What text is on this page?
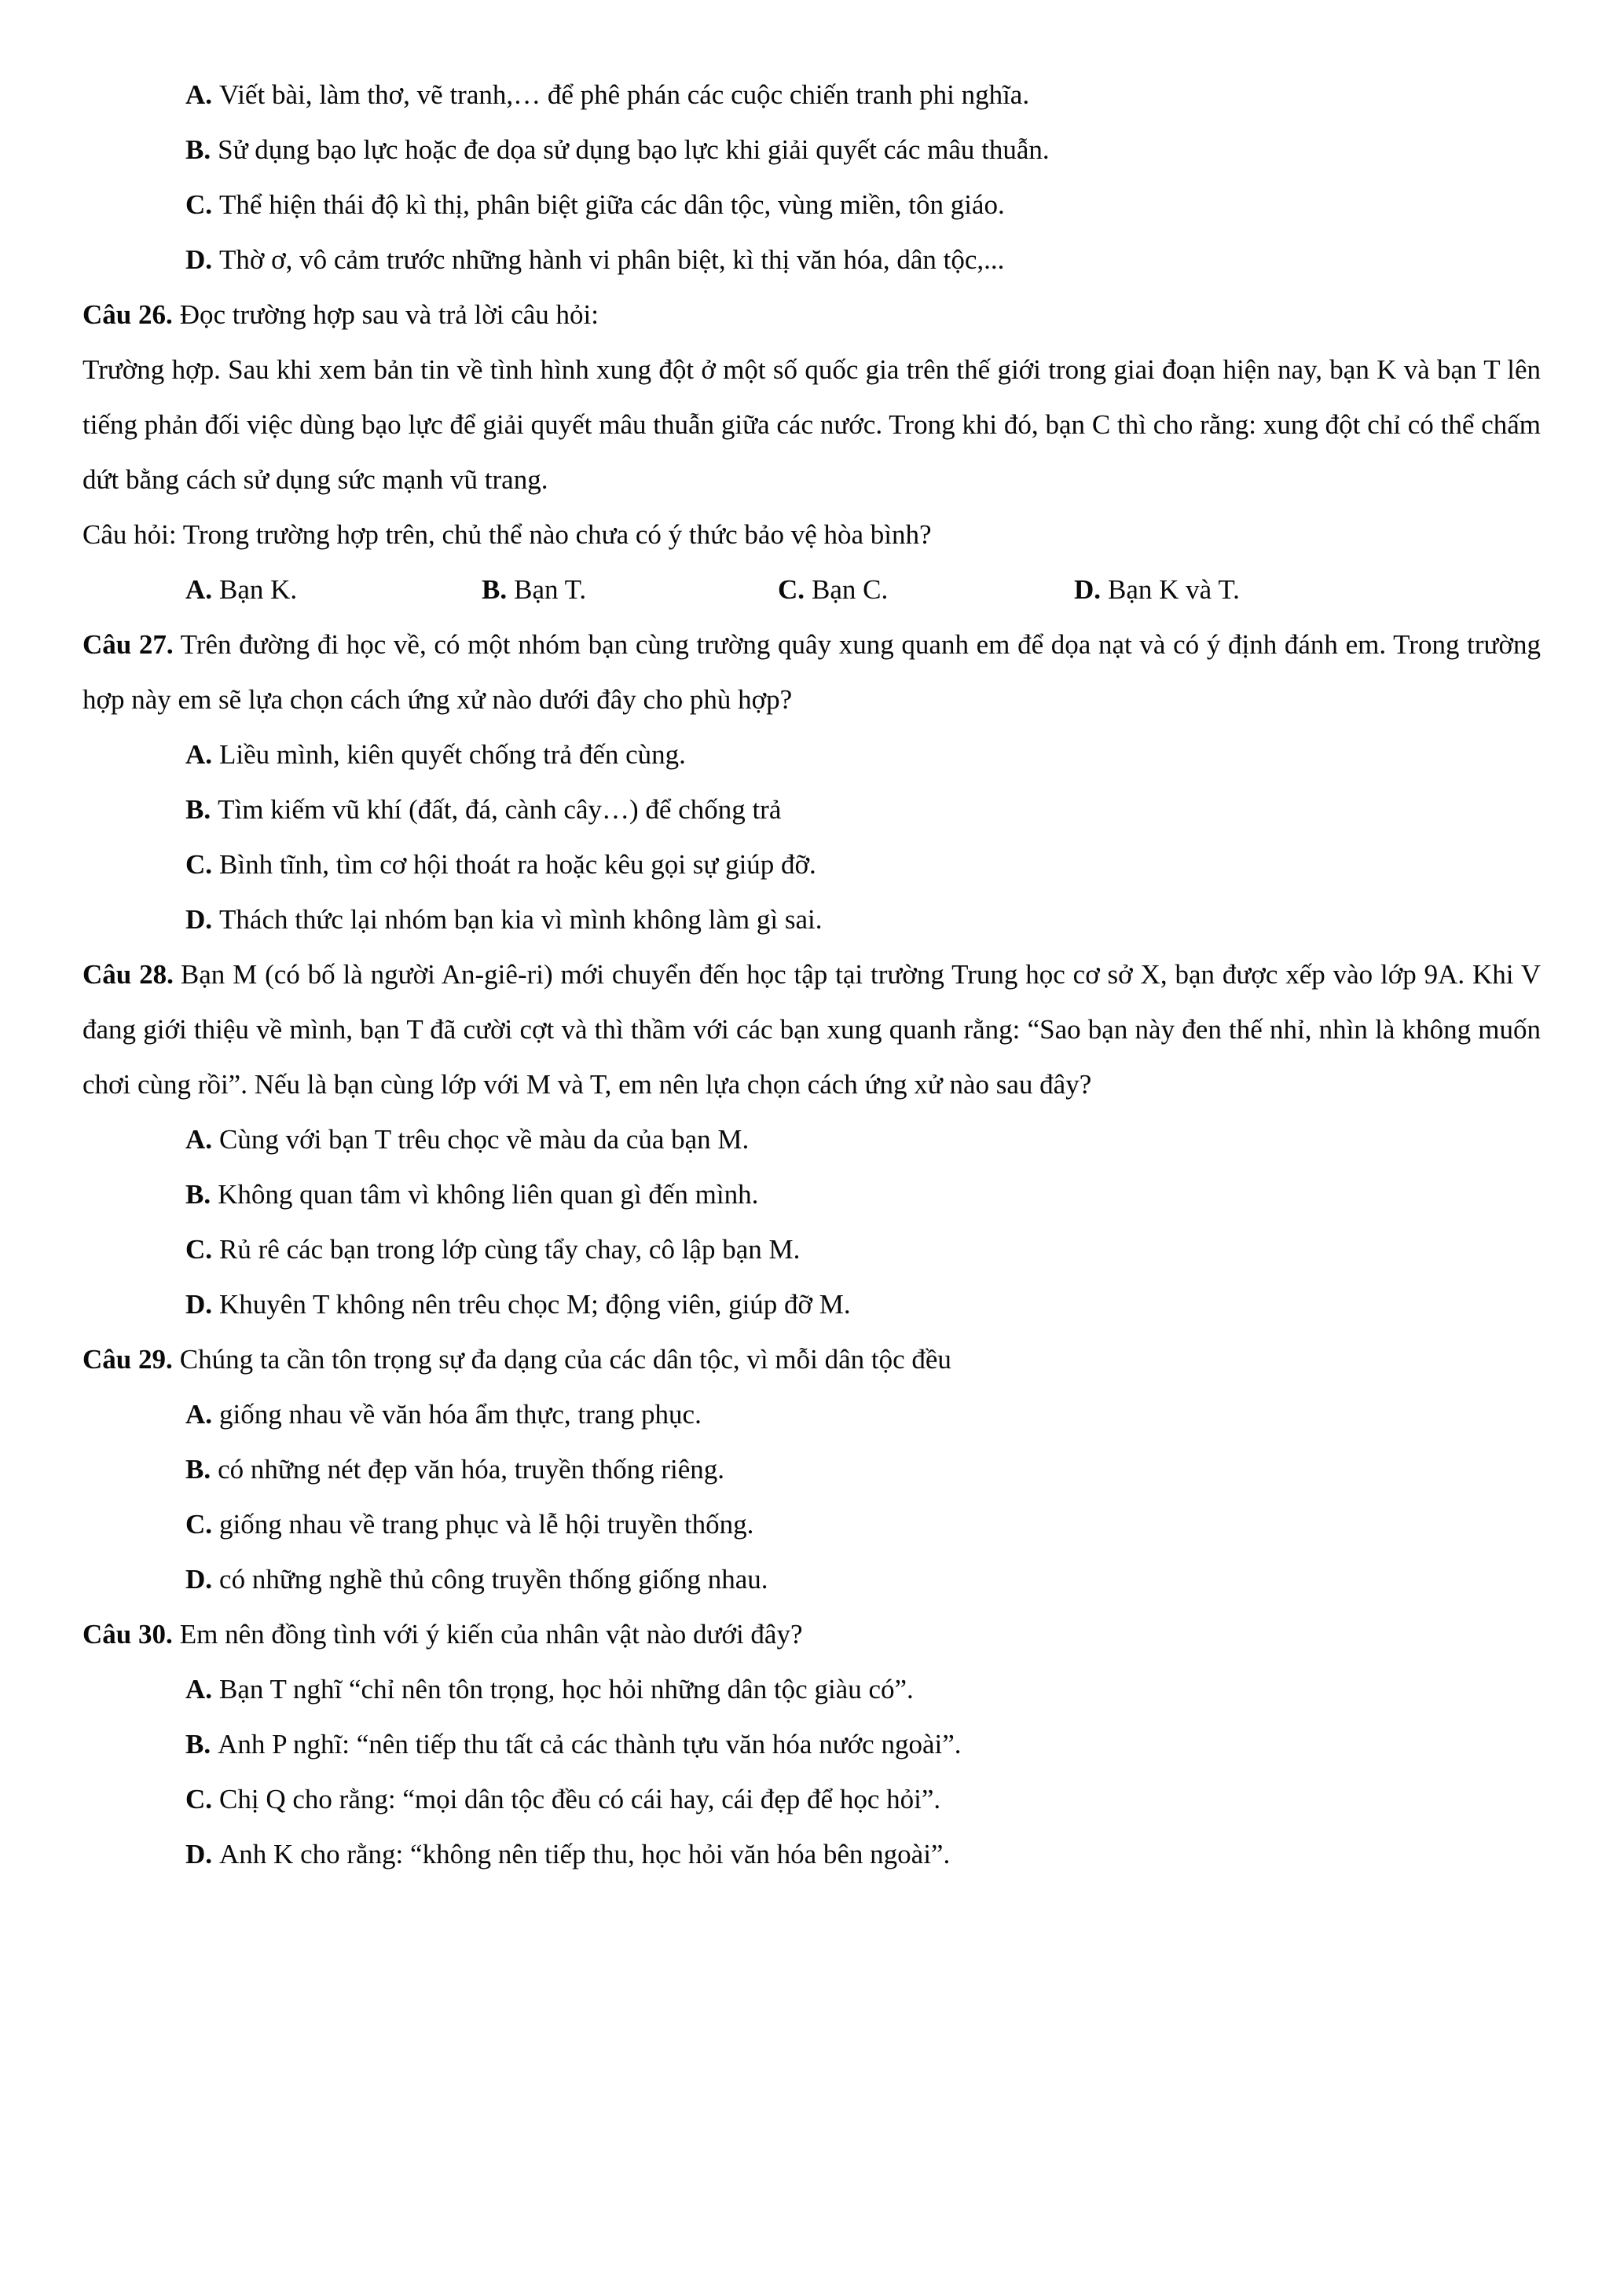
A. Viết bài, làm thơ, vẽ tranh,… để phê phán các cuộc chiến tranh phi nghĩa.

B. Sử dụng bạo lực hoặc đe dọa sử dụng bạo lực khi giải quyết các mâu thuẫn.

C. Thể hiện thái độ kì thị, phân biệt giữa các dân tộc, vùng miền, tôn giáo.

D. Thờ ơ, vô cảm trước những hành vi phân biệt, kì thị văn hóa, dân tộc,...

Câu 26. Đọc trường hợp sau và trả lời câu hỏi:

Trường hợp. Sau khi xem bản tin về tình hình xung đột ở một số quốc gia trên thế giới trong giai đoạn hiện nay, bạn K và bạn T lên tiếng phản đối việc dùng bạo lực để giải quyết mâu thuẫn giữa các nước. Trong khi đó, bạn C thì cho rằng: xung đột chỉ có thể chấm dứt bằng cách sử dụng sức mạnh vũ trang.

Câu hỏi: Trong trường hợp trên, chủ thể nào chưa có ý thức bảo vệ hòa bình?

A. Bạn K.	B. Bạn T.	C. Bạn C.	D. Bạn K và T.

Câu 27. Trên đường đi học về, có một nhóm bạn cùng trường quây xung quanh em để dọa nạt và có ý định đánh em. Trong trường hợp này em sẽ lựa chọn cách ứng xử nào dưới đây cho phù hợp?

A. Liều mình, kiên quyết chống trả đến cùng.

B. Tìm kiếm vũ khí (đất, đá, cành cây…) để chống trả

C. Bình tĩnh, tìm cơ hội thoát ra hoặc kêu gọi sự giúp đỡ.

D. Thách thức lại nhóm bạn kia vì mình không làm gì sai.

Câu 28. Bạn M (có bố là người An-giê-ri) mới chuyển đến học tập tại trường Trung học cơ sở X, bạn được xếp vào lớp 9A. Khi V đang giới thiệu về mình, bạn T đã cười cợt và thì thầm với các bạn xung quanh rằng: “Sao bạn này đen thế nhỉ, nhìn là không muốn chơi cùng rồi”. Nếu là bạn cùng lớp với M và T, em nên lựa chọn cách ứng xử nào sau đây?

A. Cùng với bạn T trêu chọc về màu da của bạn M.

B. Không quan tâm vì không liên quan gì đến mình.

C. Rủ rê các bạn trong lớp cùng tẩy chay, cô lập bạn M.

D. Khuyên T không nên trêu chọc M; động viên, giúp đỡ M.

Câu 29. Chúng ta cần tôn trọng sự đa dạng của các dân tộc, vì mỗi dân tộc đều

A. giống nhau về văn hóa ẩm thực, trang phục.

B. có những nét đẹp văn hóa, truyền thống riêng.

C. giống nhau về trang phục và lễ hội truyền thống.

D. có những nghề thủ công truyền thống giống nhau.

Câu 30. Em nên đồng tình với ý kiến của nhân vật nào dưới đây?

A. Bạn T nghĩ “chỉ nên tôn trọng, học hỏi những dân tộc giàu có”.

B. Anh P nghĩ: “nên tiếp thu tất cả các thành tựu văn hóa nước ngoài”.

C. Chị Q cho rằng: “mọi dân tộc đều có cái hay, cái đẹp để học hỏi”.

D. Anh K cho rằng: “không nên tiếp thu, học hỏi văn hóa bên ngoài”.
